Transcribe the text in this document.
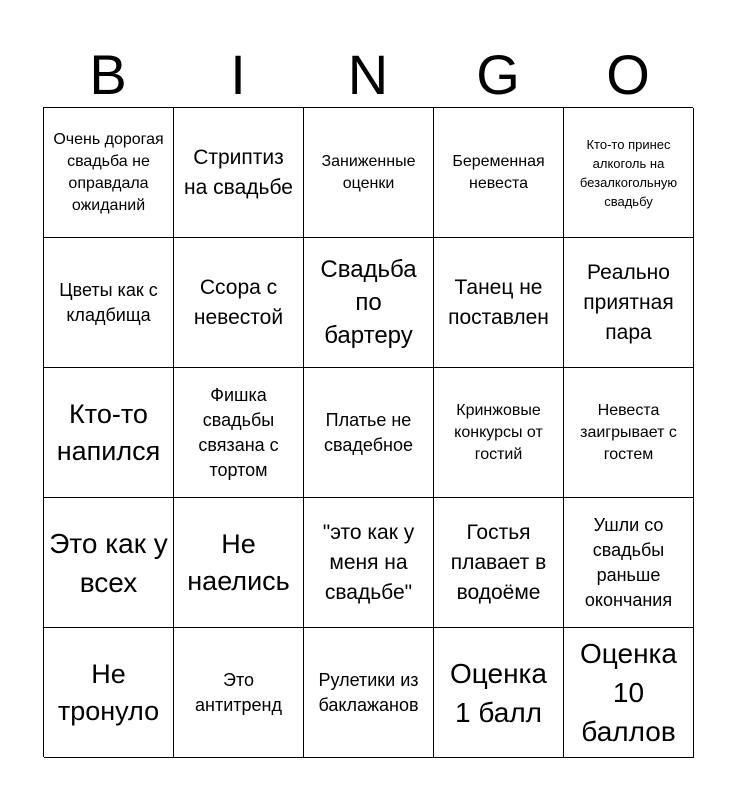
B	I	N	G	O
Очень дорогая свадьба не оправдала ожиданий
Стриптиз на свадьбе
Заниженные оценки
Беременная невеста
Кто-то принес алкоголь на безалкогольную свадьбу
Цветы как с кладбища
Ссора с невестой
Свадьба по бартеру
Танец не поставлен
Реально приятная пара
Кто-то напился
Фишка свадьбы связана с тортом
Платье не свадебное
Кринжовые конкурсы от гостий
Невеста заигрывает с гостем
Это как у всех
Не наелись
"это как у меня на свадьбе"
Гостья плавает в водоёме
Ушли со свадьбы раньше окончания
Не тронуло
Это антитренд
Рулетики из баклажанов
Оценка 1 балл
Оценка 10 баллов
